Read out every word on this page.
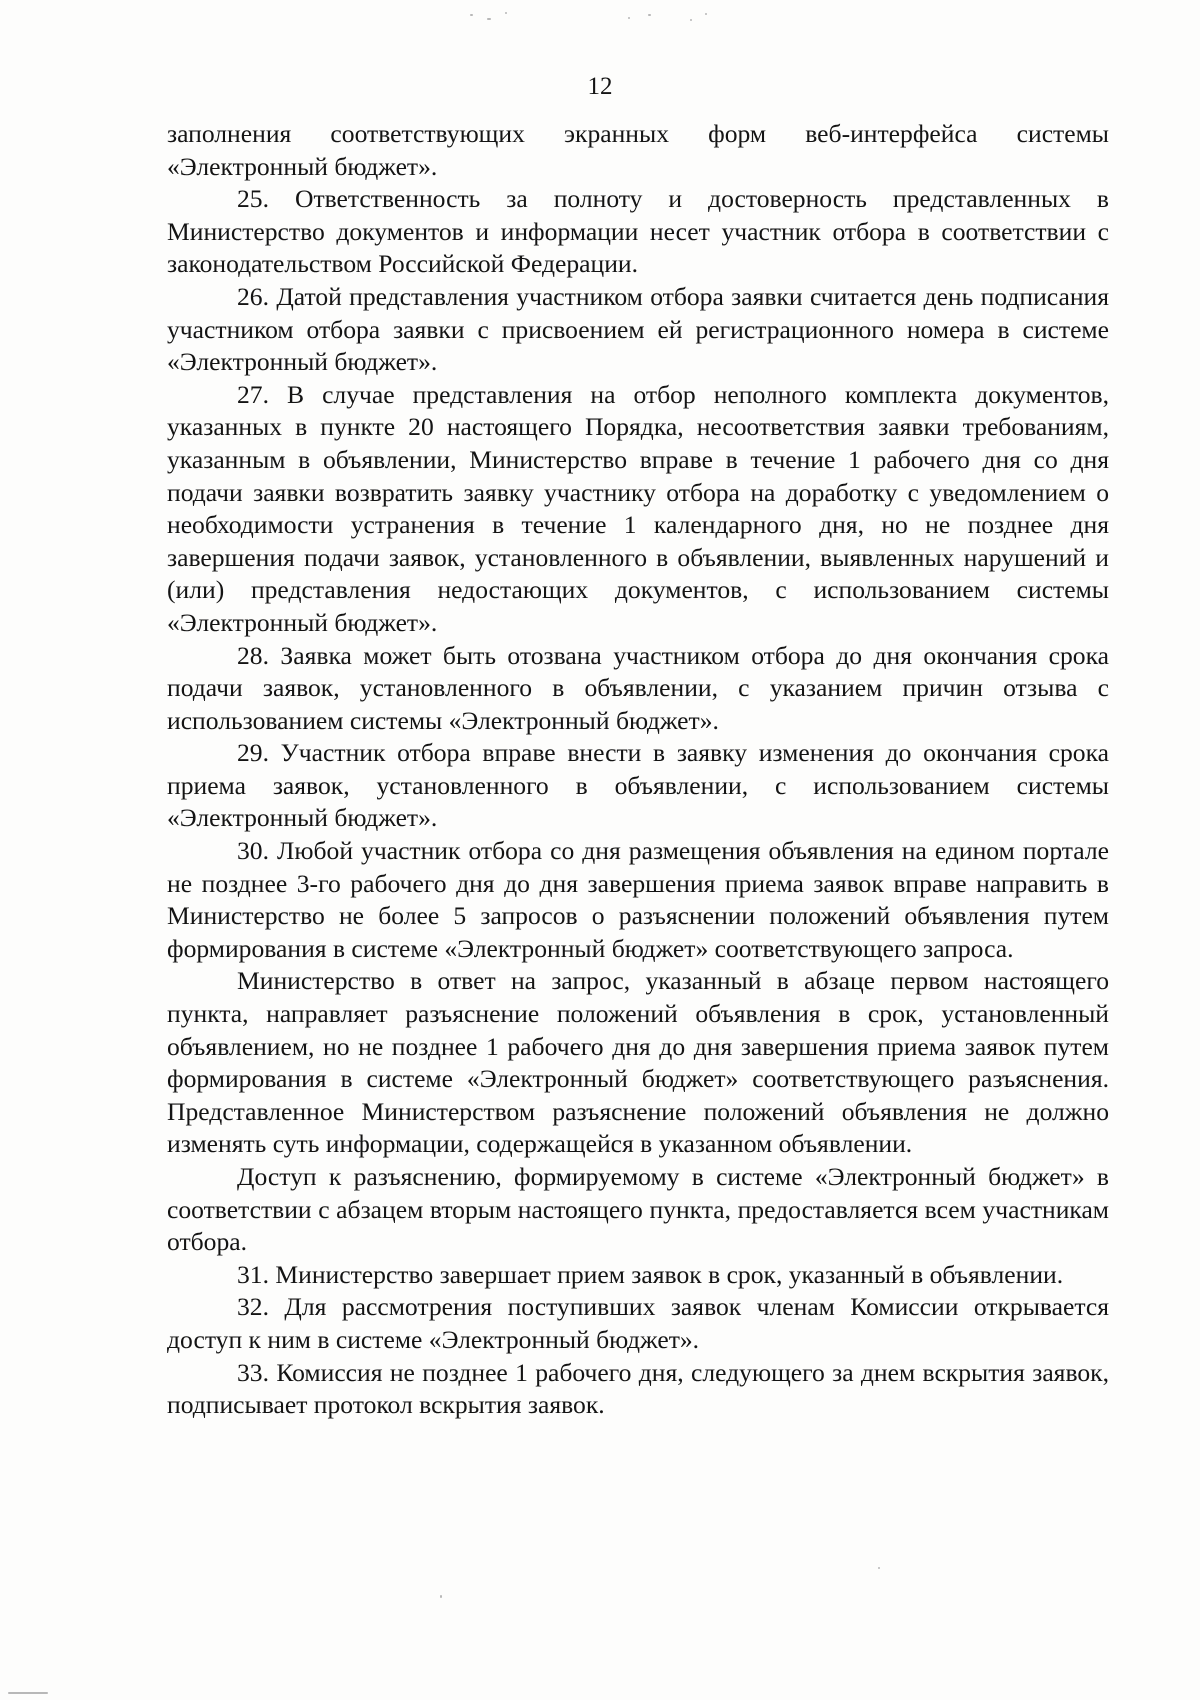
12

заполнения соответствующих экранных форм веб-интерфейса системы «Электронный бюджет».

25. Ответственность за полноту и достоверность представленных в Министерство документов и информации несет участник отбора в соответствии с законодательством Российской Федерации.

26. Датой представления участником отбора заявки считается день подписания участником отбора заявки с присвоением ей регистрационного номера в системе «Электронный бюджет».

27. В случае представления на отбор неполного комплекта документов, указанных в пункте 20 настоящего Порядка, несоответствия заявки требованиям, указанным в объявлении, Министерство вправе в течение 1 рабочего дня со дня подачи заявки возвратить заявку участнику отбора на доработку с уведомлением о необходимости устранения в течение 1 календарного дня, но не позднее дня завершения подачи заявок, установленного в объявлении, выявленных нарушений и (или) представления недостающих документов, с использованием системы «Электронный бюджет».

28. Заявка может быть отозвана участником отбора до дня окончания срока подачи заявок, установленного в объявлении, с указанием причин отзыва с использованием системы «Электронный бюджет».

29. Участник отбора вправе внести в заявку изменения до окончания срока приема заявок, установленного в объявлении, с использованием системы «Электронный бюджет».

30. Любой участник отбора со дня размещения объявления на едином портале не позднее 3-го рабочего дня до дня завершения приема заявок вправе направить в Министерство не более 5 запросов о разъяснении положений объявления путем формирования в системе «Электронный бюджет» соответствующего запроса.

Министерство в ответ на запрос, указанный в абзаце первом настоящего пункта, направляет разъяснение положений объявления в срок, установленный объявлением, но не позднее 1 рабочего дня до дня завершения приема заявок путем формирования в системе «Электронный бюджет» соответствующего разъяснения. Представленное Министерством разъяснение положений объявления не должно изменять суть информации, содержащейся в указанном объявлении.

Доступ к разъяснению, формируемому в системе «Электронный бюджет» в соответствии с абзацем вторым настоящего пункта, предоставляется всем участникам отбора.

31. Министерство завершает прием заявок в срок, указанный в объявлении.

32. Для рассмотрения поступивших заявок членам Комиссии открывается доступ к ним в системе «Электронный бюджет».

33. Комиссия не позднее 1 рабочего дня, следующего за днем вскрытия заявок, подписывает протокол вскрытия заявок.
